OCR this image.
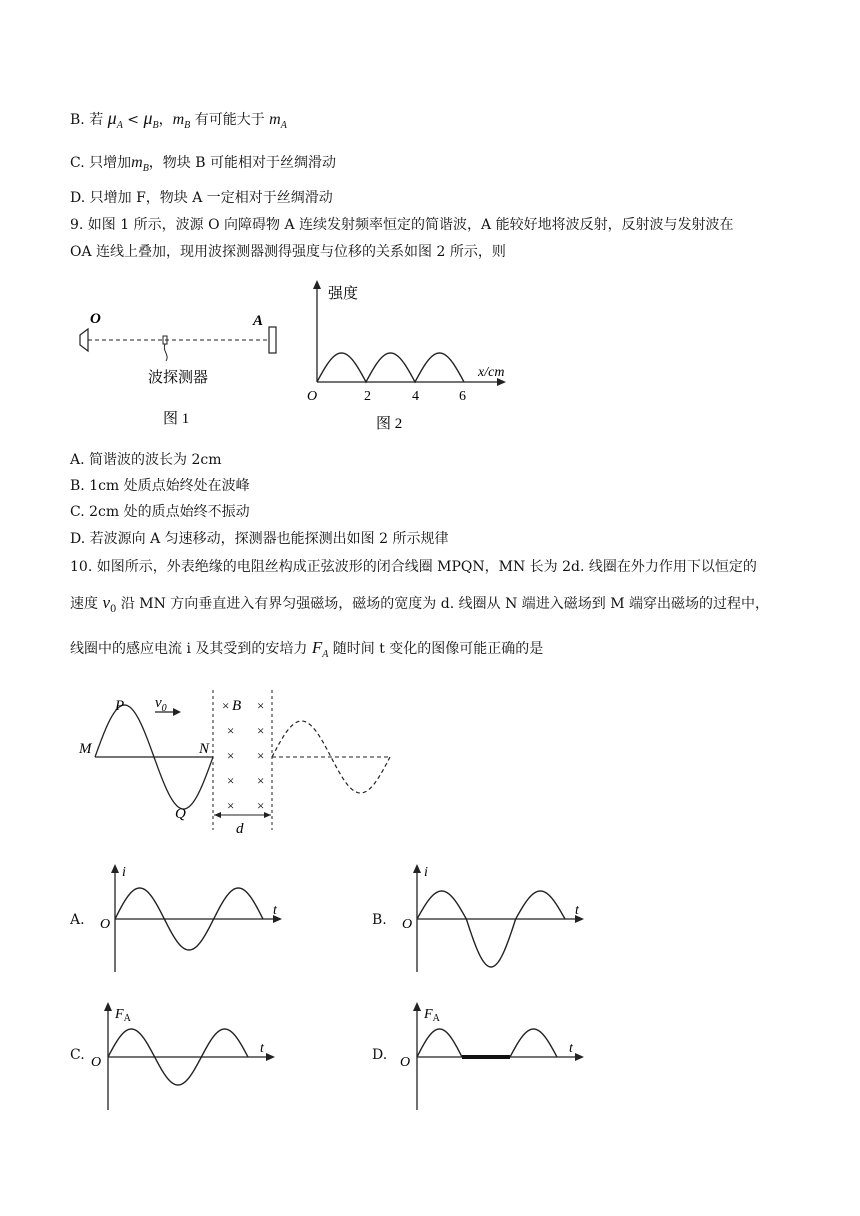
B. 若 $\mu_A < \mu_B$，$m_B$ 有可能大于 $m_A$
C. 只增加$m_B$，物块 B 可能相对于丝绸滑动
D. 只增加 F，物块 A 一定相对于丝绸滑动
9. 如图 1 所示，波源 O 向障碍物 A 连续发射频率恒定的简谐波，A 能较好地将波反射，反射波与发射波在
OA 连线上叠加，现用波探测器测得强度与位移的关系如图 2 所示，则
O	A
波探测器
图 1
强度
x/cm
O	2	4	6
图 2
A. 简谐波的波长为 2cm
B. 1cm 处质点始终处在波峰
C. 2cm 处的质点始终不振动
D. 若波源向 A 匀速移动，探测器也能探测出如图 2 所示规律
10. 如图所示，外表绝缘的电阻丝构成正弦波形的闭合线圈 MPQN，MN 长为 2d. 线圈在外力作用下以恒定的
速度 $v_0$ 沿 MN 方向垂直进入有界匀强磁场，磁场的宽度为 d. 线圈从 N 端进入磁场到 M 端穿出磁场的过程中，
线圈中的感应电流 i 及其受到的安培力 $F_A$ 随时间 t 变化的图像可能正确的是
× ×
× ×
× ×
× ×
× ×
P $v_0$
M	N
Q
B
d
A.
i
t
O	B.
i
t
O
C.
$F_A$
t
O	D.
$F_A$
t
O
